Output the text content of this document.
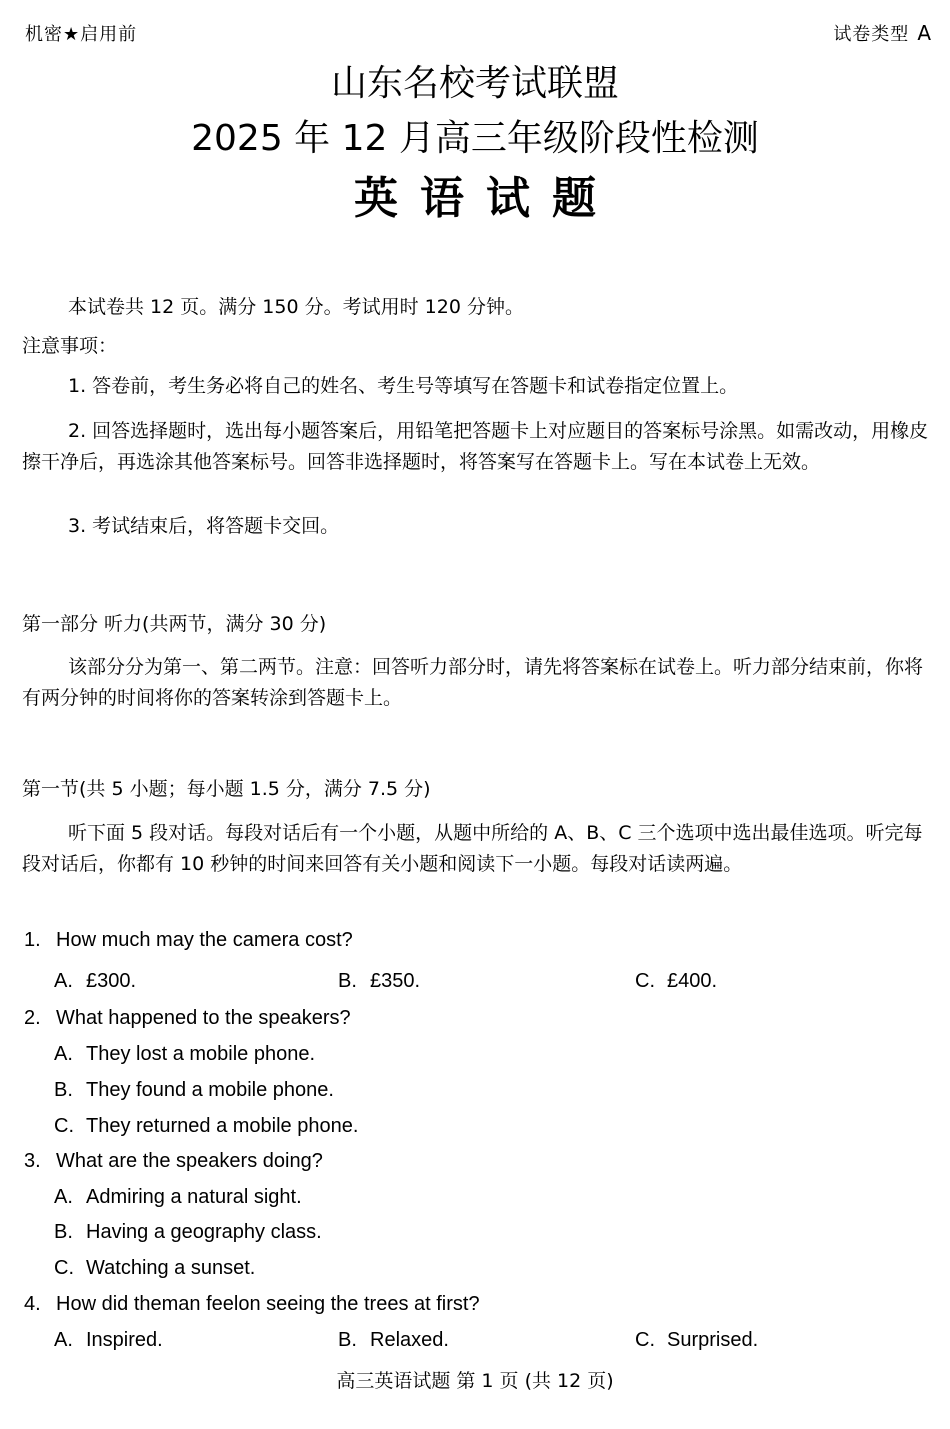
机密★启用前	试卷类型 A
山东名校考试联盟
2025 年 12 月高三年级阶段性检测
英语试题
本试卷共 12 页。满分 150 分。考试用时 120 分钟。
注意事项：
1. 答卷前，考生务必将自己的姓名、考生号等填写在答题卡和试卷指定位置上。
2. 回答选择题时，选出每小题答案后，用铅笔把答题卡上对应题目的答案标号涂黑。如需改动，用橡皮擦干净后，再选涂其他答案标号。回答非选择题时，将答案写在答题卡上。写在本试卷上无效。
3. 考试结束后，将答题卡交回。
第一部分 听力(共两节，满分 30 分)
该部分分为第一、第二两节。注意：回答听力部分时，请先将答案标在试卷上。听力部分结束前，你将有两分钟的时间将你的答案转涂到答题卡上。
第一节(共 5 小题；每小题 1.5 分，满分 7.5 分)
听下面 5 段对话。每段对话后有一个小题，从题中所给的 A、B、C 三个选项中选出最佳选项。听完每段对话后，你都有 10 秒钟的时间来回答有关小题和阅读下一小题。每段对话读两遍。
1. How much may the camera cost?
A. £300.	B. £350.	C. £400.
2. What happened to the speakers?
A. They lost a mobile phone.
B. They found a mobile phone.
C. They returned a mobile phone.
3. What are the speakers doing?
A. Admiring a natural sight.
B. Having a geography class.
C. Watching a sunset.
4. How did theman feelon seeing the trees at first?
A. Inspired.	B. Relaxed.	C. Surprised.
高三英语试题 第 1 页 (共 12 页)
